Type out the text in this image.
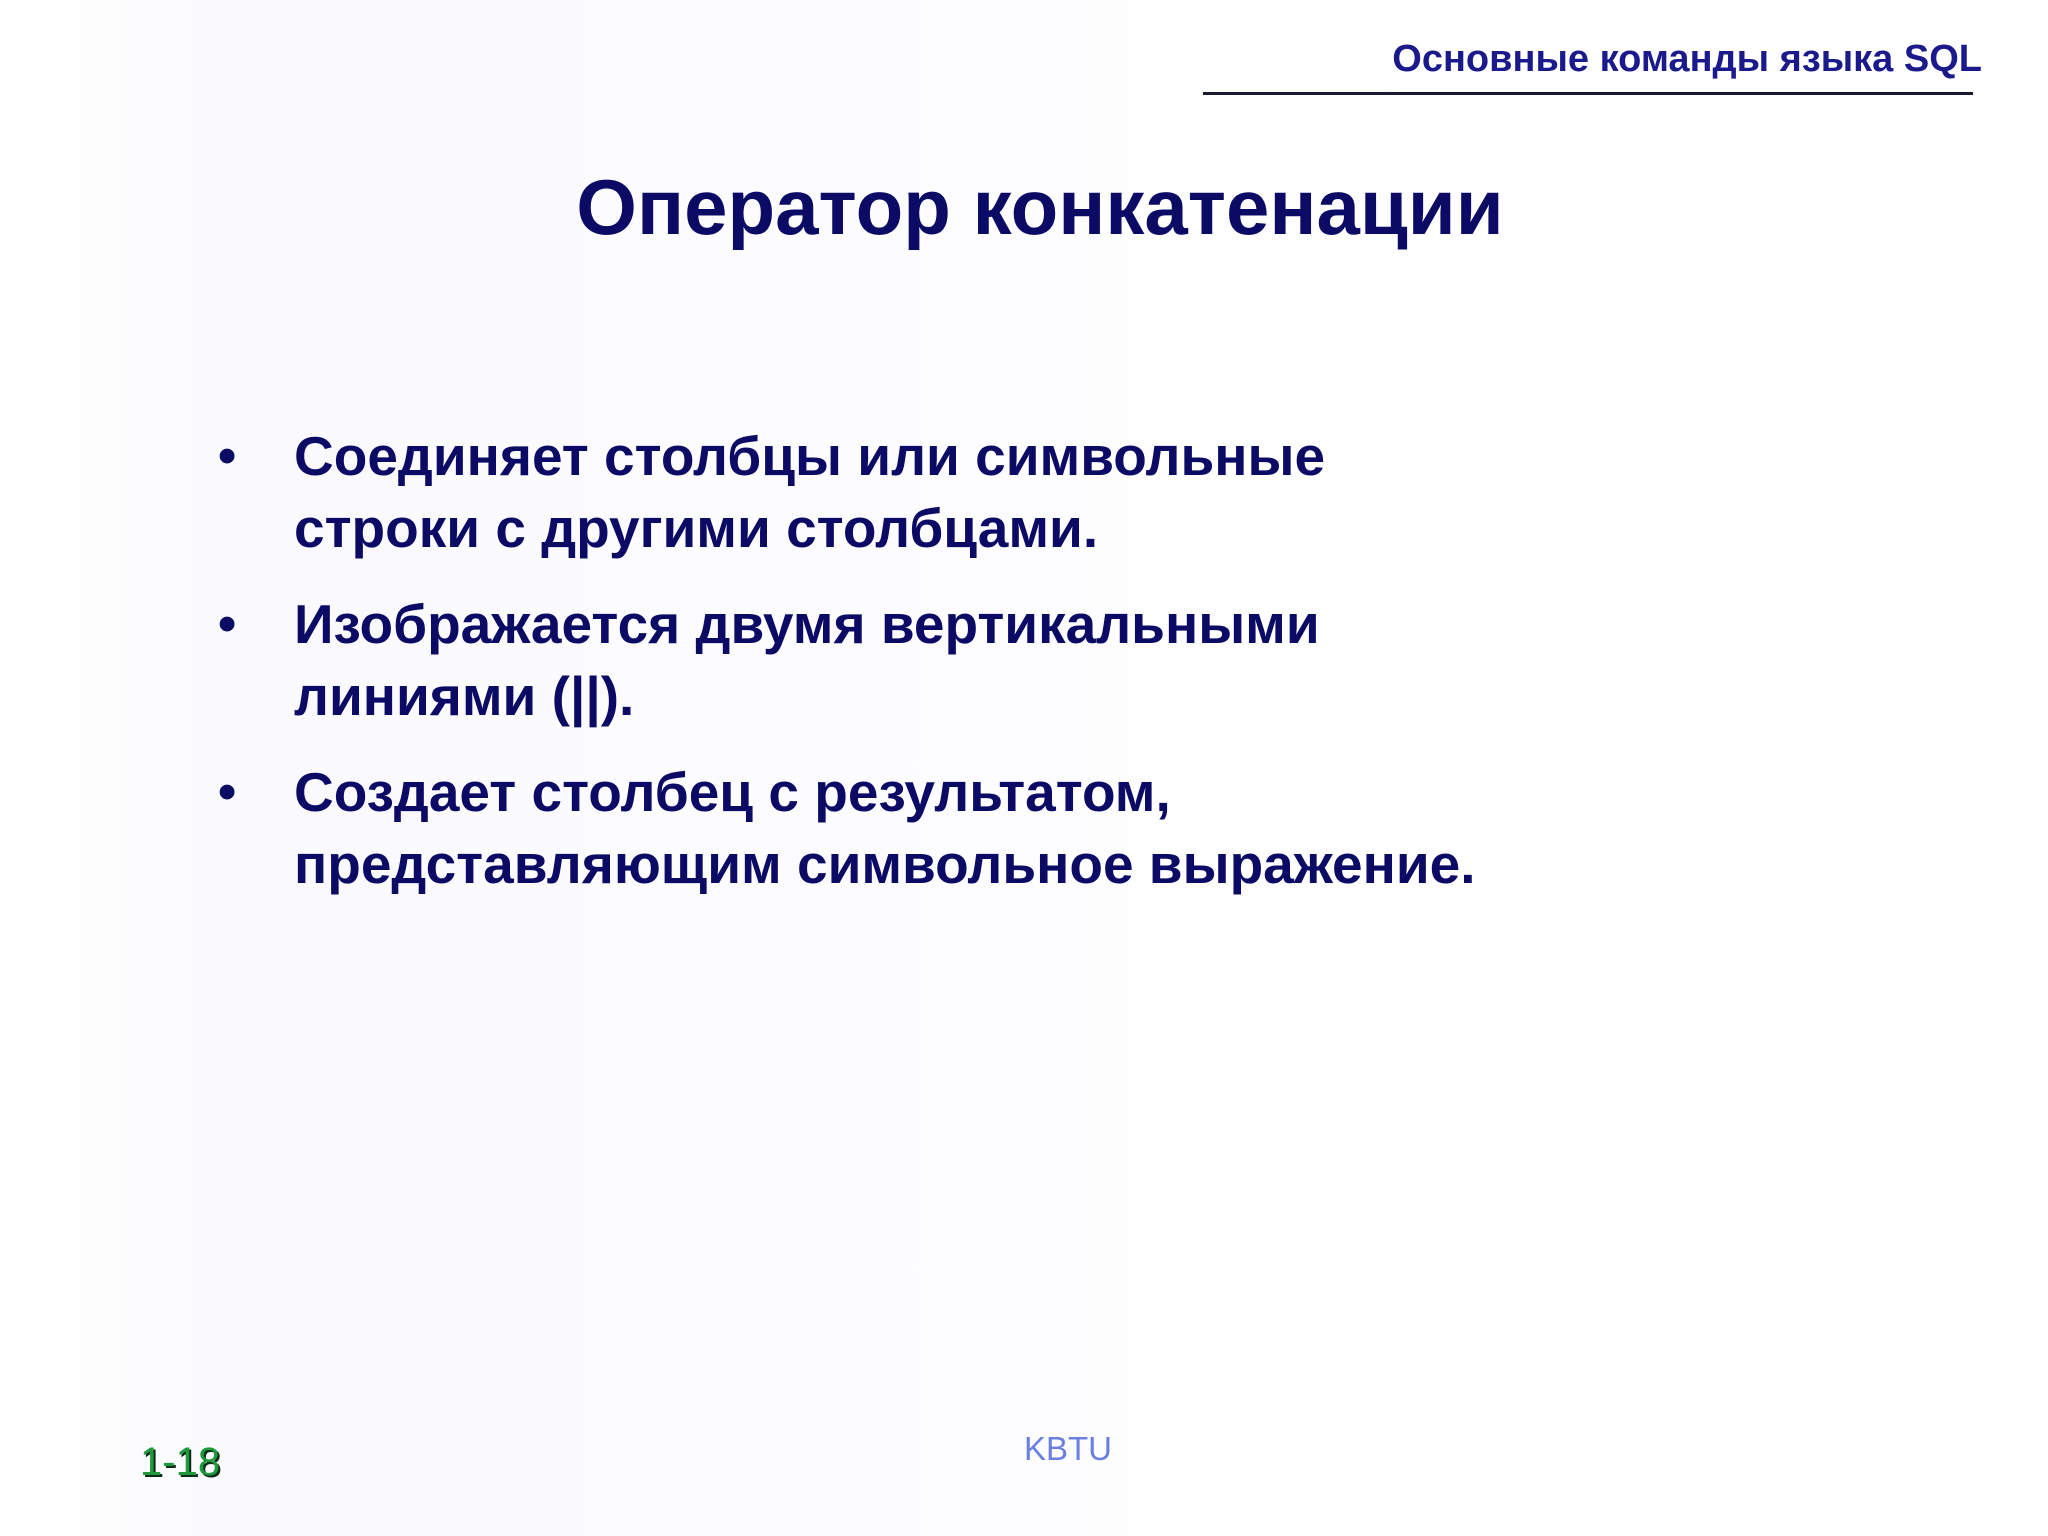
Основные команды языка SQL
Оператор конкатенации
• Соединяет столбцы или символьные
строки с другими столбцами.
• Изображается двумя вертикальными
линиями (||).
• Создает столбец с результатом,
представляющим символьное выражение.
KBTU
1-18
